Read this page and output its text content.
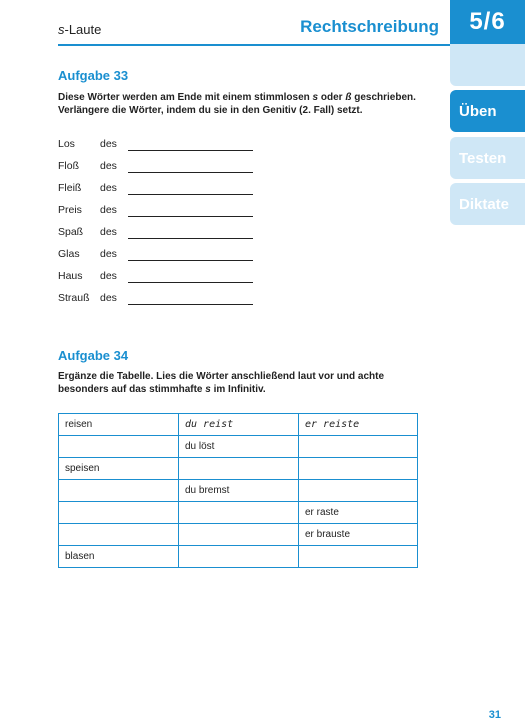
s-Laute	Rechtschreibung	5/6
Üben
Testen
Diktate
Aufgabe 33
Diese Wörter werden am Ende mit einem stimmlosen s oder ß geschrieben.
Verlängere die Wörter, indem du sie in den Genitiv (2. Fall) setzt.
Los des
Floß des
Fleiß des
Preis des
Spaß des
Glas des
Haus des
Strauß des
Aufgabe 34
Ergänze die Tabelle. Lies die Wörter anschließend laut vor und achte
besonders auf das stimmhafte s im Infinitiv.
reisen	du reist	er reiste
	du löst	
speisen		
	du bremst	
		er raste
		er brauste
blasen		
31
